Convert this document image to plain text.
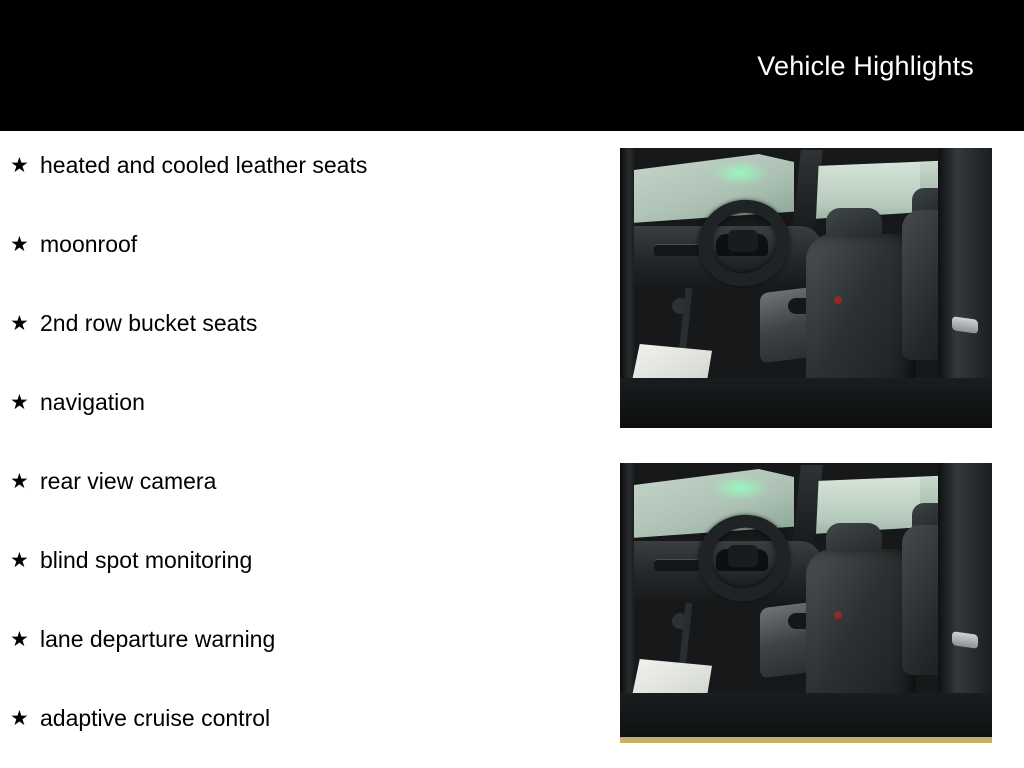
Vehicle Highlights
★ heated and cooled leather seats
★ moonroof
★ 2nd row bucket seats
★ navigation
★ rear view camera
★ blind spot monitoring
★ lane departure warning
★ adaptive cruise control
